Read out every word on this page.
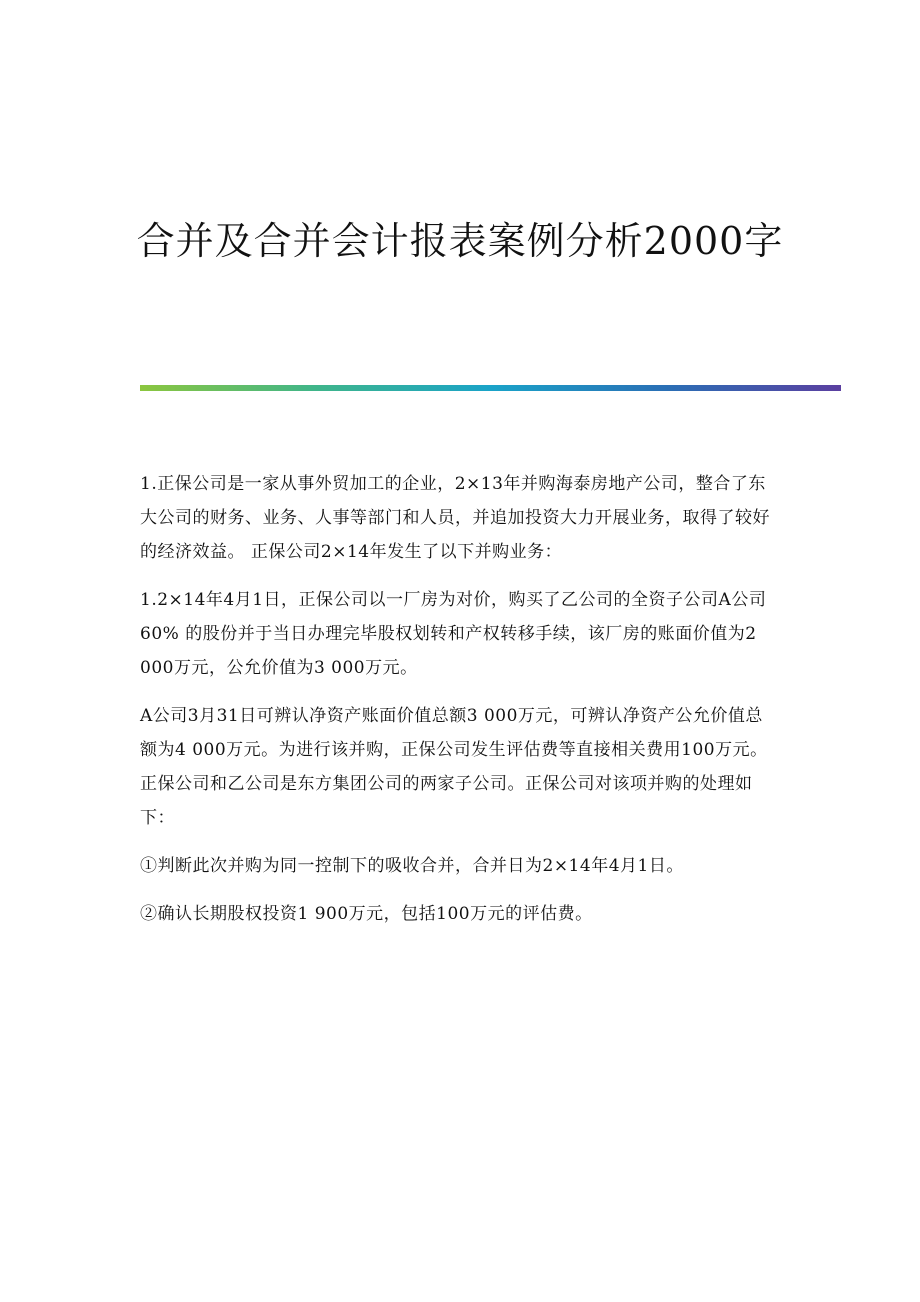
合并及合并会计报表案例分析2000字

1.正保公司是一家从事外贸加工的企业，2×13年并购海泰房地产公司，整合了东大公司的财务、业务、人事等部门和人员，并追加投资大力开展业务，取得了较好的经济效益。 正保公司2×14年发生了以下并购业务：

1.2×14年4月1日，正保公司以一厂房为对价，购买了乙公司的全资子公司A公司60% 的股份并于当日办理完毕股权划转和产权转移手续，该厂房的账面价值为2 000万元，公允价值为3 000万元。

A公司3月31日可辨认净资产账面价值总额3 000万元，可辨认净资产公允价值总额为4 000万元。为进行该并购，正保公司发生评估费等直接相关费用100万元。正保公司和乙公司是东方集团公司的两家子公司。正保公司对该项并购的处理如下：

①判断此次并购为同一控制下的吸收合并，合并日为2×14年4月1日。

②确认长期股权投资1 900万元，包括100万元的评估费。
